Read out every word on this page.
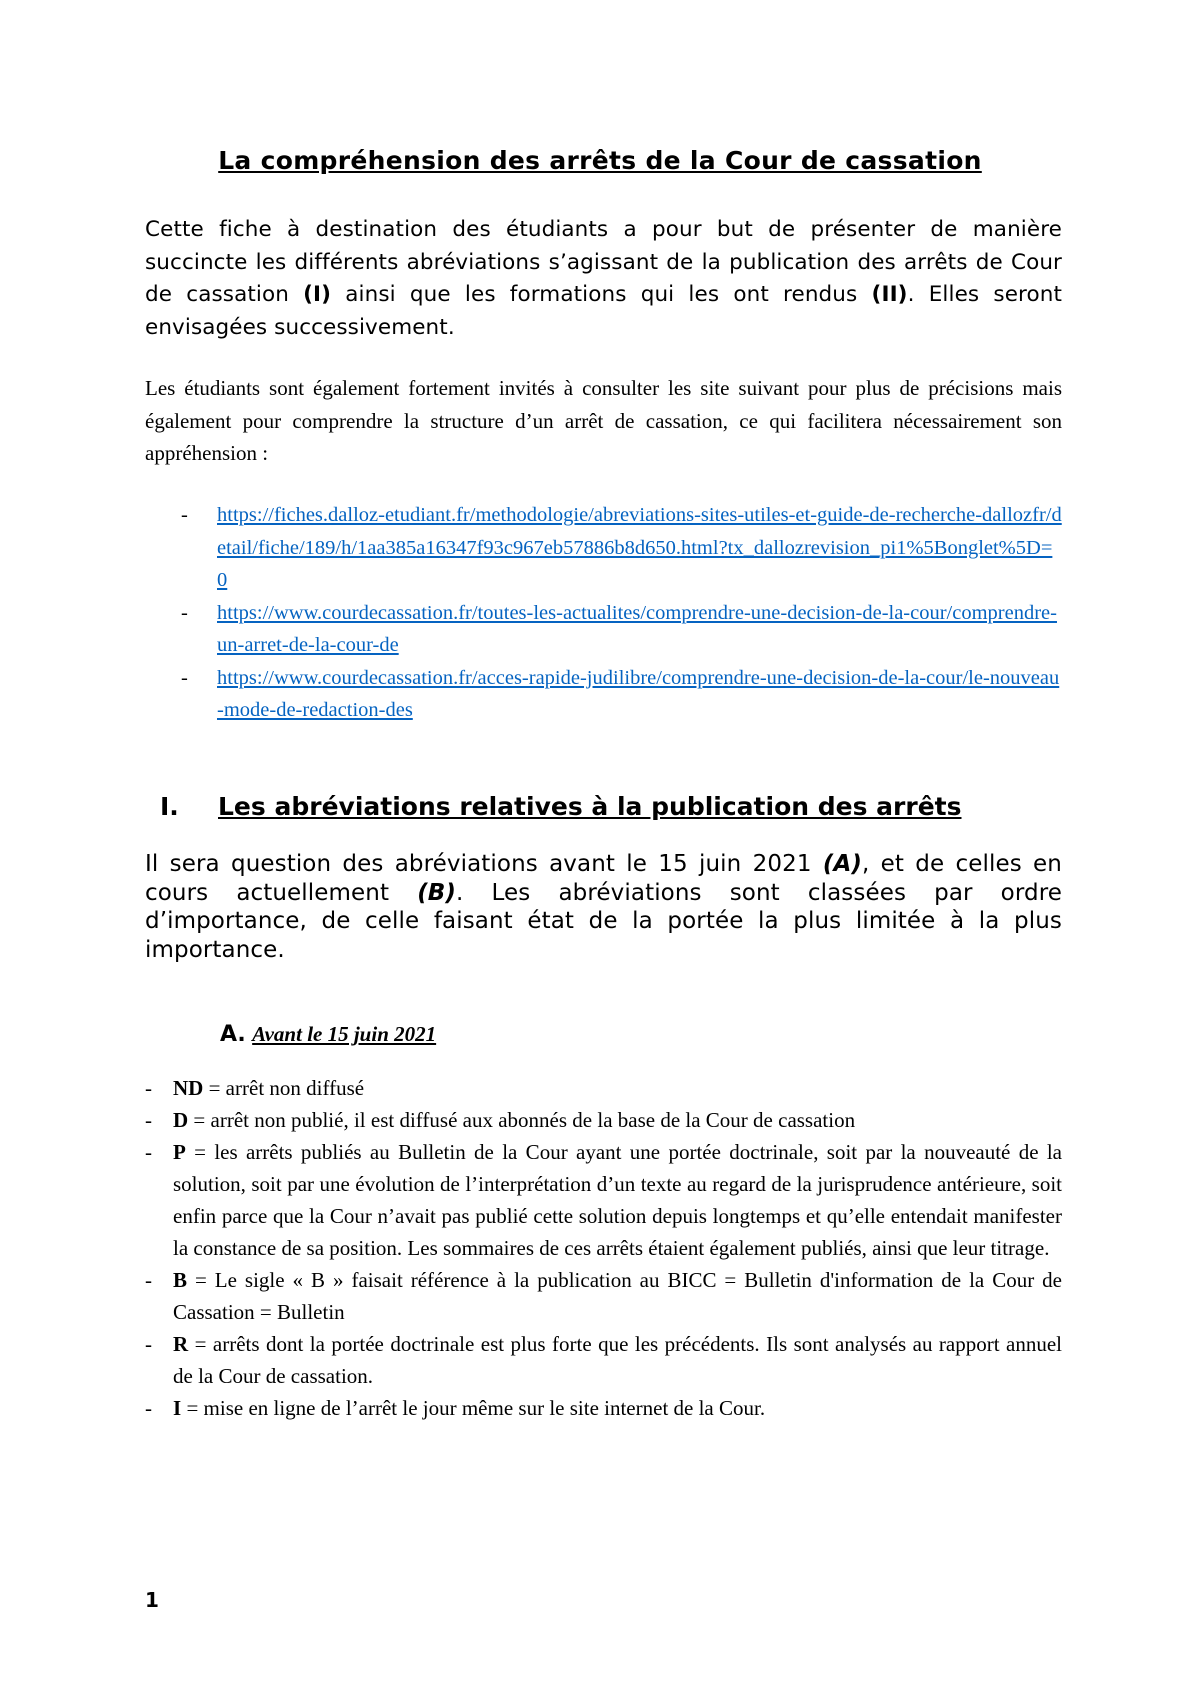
La compréhension des arrêts de la Cour de cassation

Cette fiche à destination des étudiants a pour but de présenter de manière succincte les différents abréviations s’agissant de la publication des arrêts de Cour de cassation (I) ainsi que les formations qui les ont rendus (II). Elles seront envisagées successivement.

Les étudiants sont également fortement invités à consulter les site suivant pour plus de précisions mais également pour comprendre la structure d’un arrêt de cassation, ce qui facilitera nécessairement son appréhension :

- https://fiches.dalloz-etudiant.fr/methodologie/abreviations-sites-utiles-et-guide-de-recherche-dallozfr/detail/fiche/189/h/1aa385a16347f93c967eb57886b8d650.html?tx_dallozrevision_pi1%5Bonglet%5D=0
- https://www.courdecassation.fr/toutes-les-actualites/comprendre-une-decision-de-la-cour/comprendre-un-arret-de-la-cour-de
- https://www.courdecassation.fr/acces-rapide-judilibre/comprendre-une-decision-de-la-cour/le-nouveau-mode-de-redaction-des
I. Les abréviations relatives à la publication des arrêts

Il sera question des abréviations avant le 15 juin 2021 (A), et de celles en cours actuellement (B). Les abréviations sont classées par ordre d’importance, de celle faisant état de la portée la plus limitée à la plus importance.

A. Avant le 15 juin 2021
- ND = arrêt non diffusé
- D = arrêt non publié, il est diffusé aux abonnés de la base de la Cour de cassation
- P = les arrêts publiés au Bulletin de la Cour ayant une portée doctrinale, soit par la nouveauté de la solution, soit par une évolution de l’interprétation d’un texte au regard de la jurisprudence antérieure, soit enfin parce que la Cour n’avait pas publié cette solution depuis longtemps et qu’elle entendait manifester la constance de sa position. Les sommaires de ces arrêts étaient également publiés, ainsi que leur titrage.
- B = Le sigle « B » faisait référence à la publication au BICC = Bulletin d'information de la Cour de Cassation = Bulletin
- R = arrêts dont la portée doctrinale est plus forte que les précédents. Ils sont analysés au rapport annuel de la Cour de cassation.
- I = mise en ligne de l’arrêt le jour même sur le site internet de la Cour.
1
